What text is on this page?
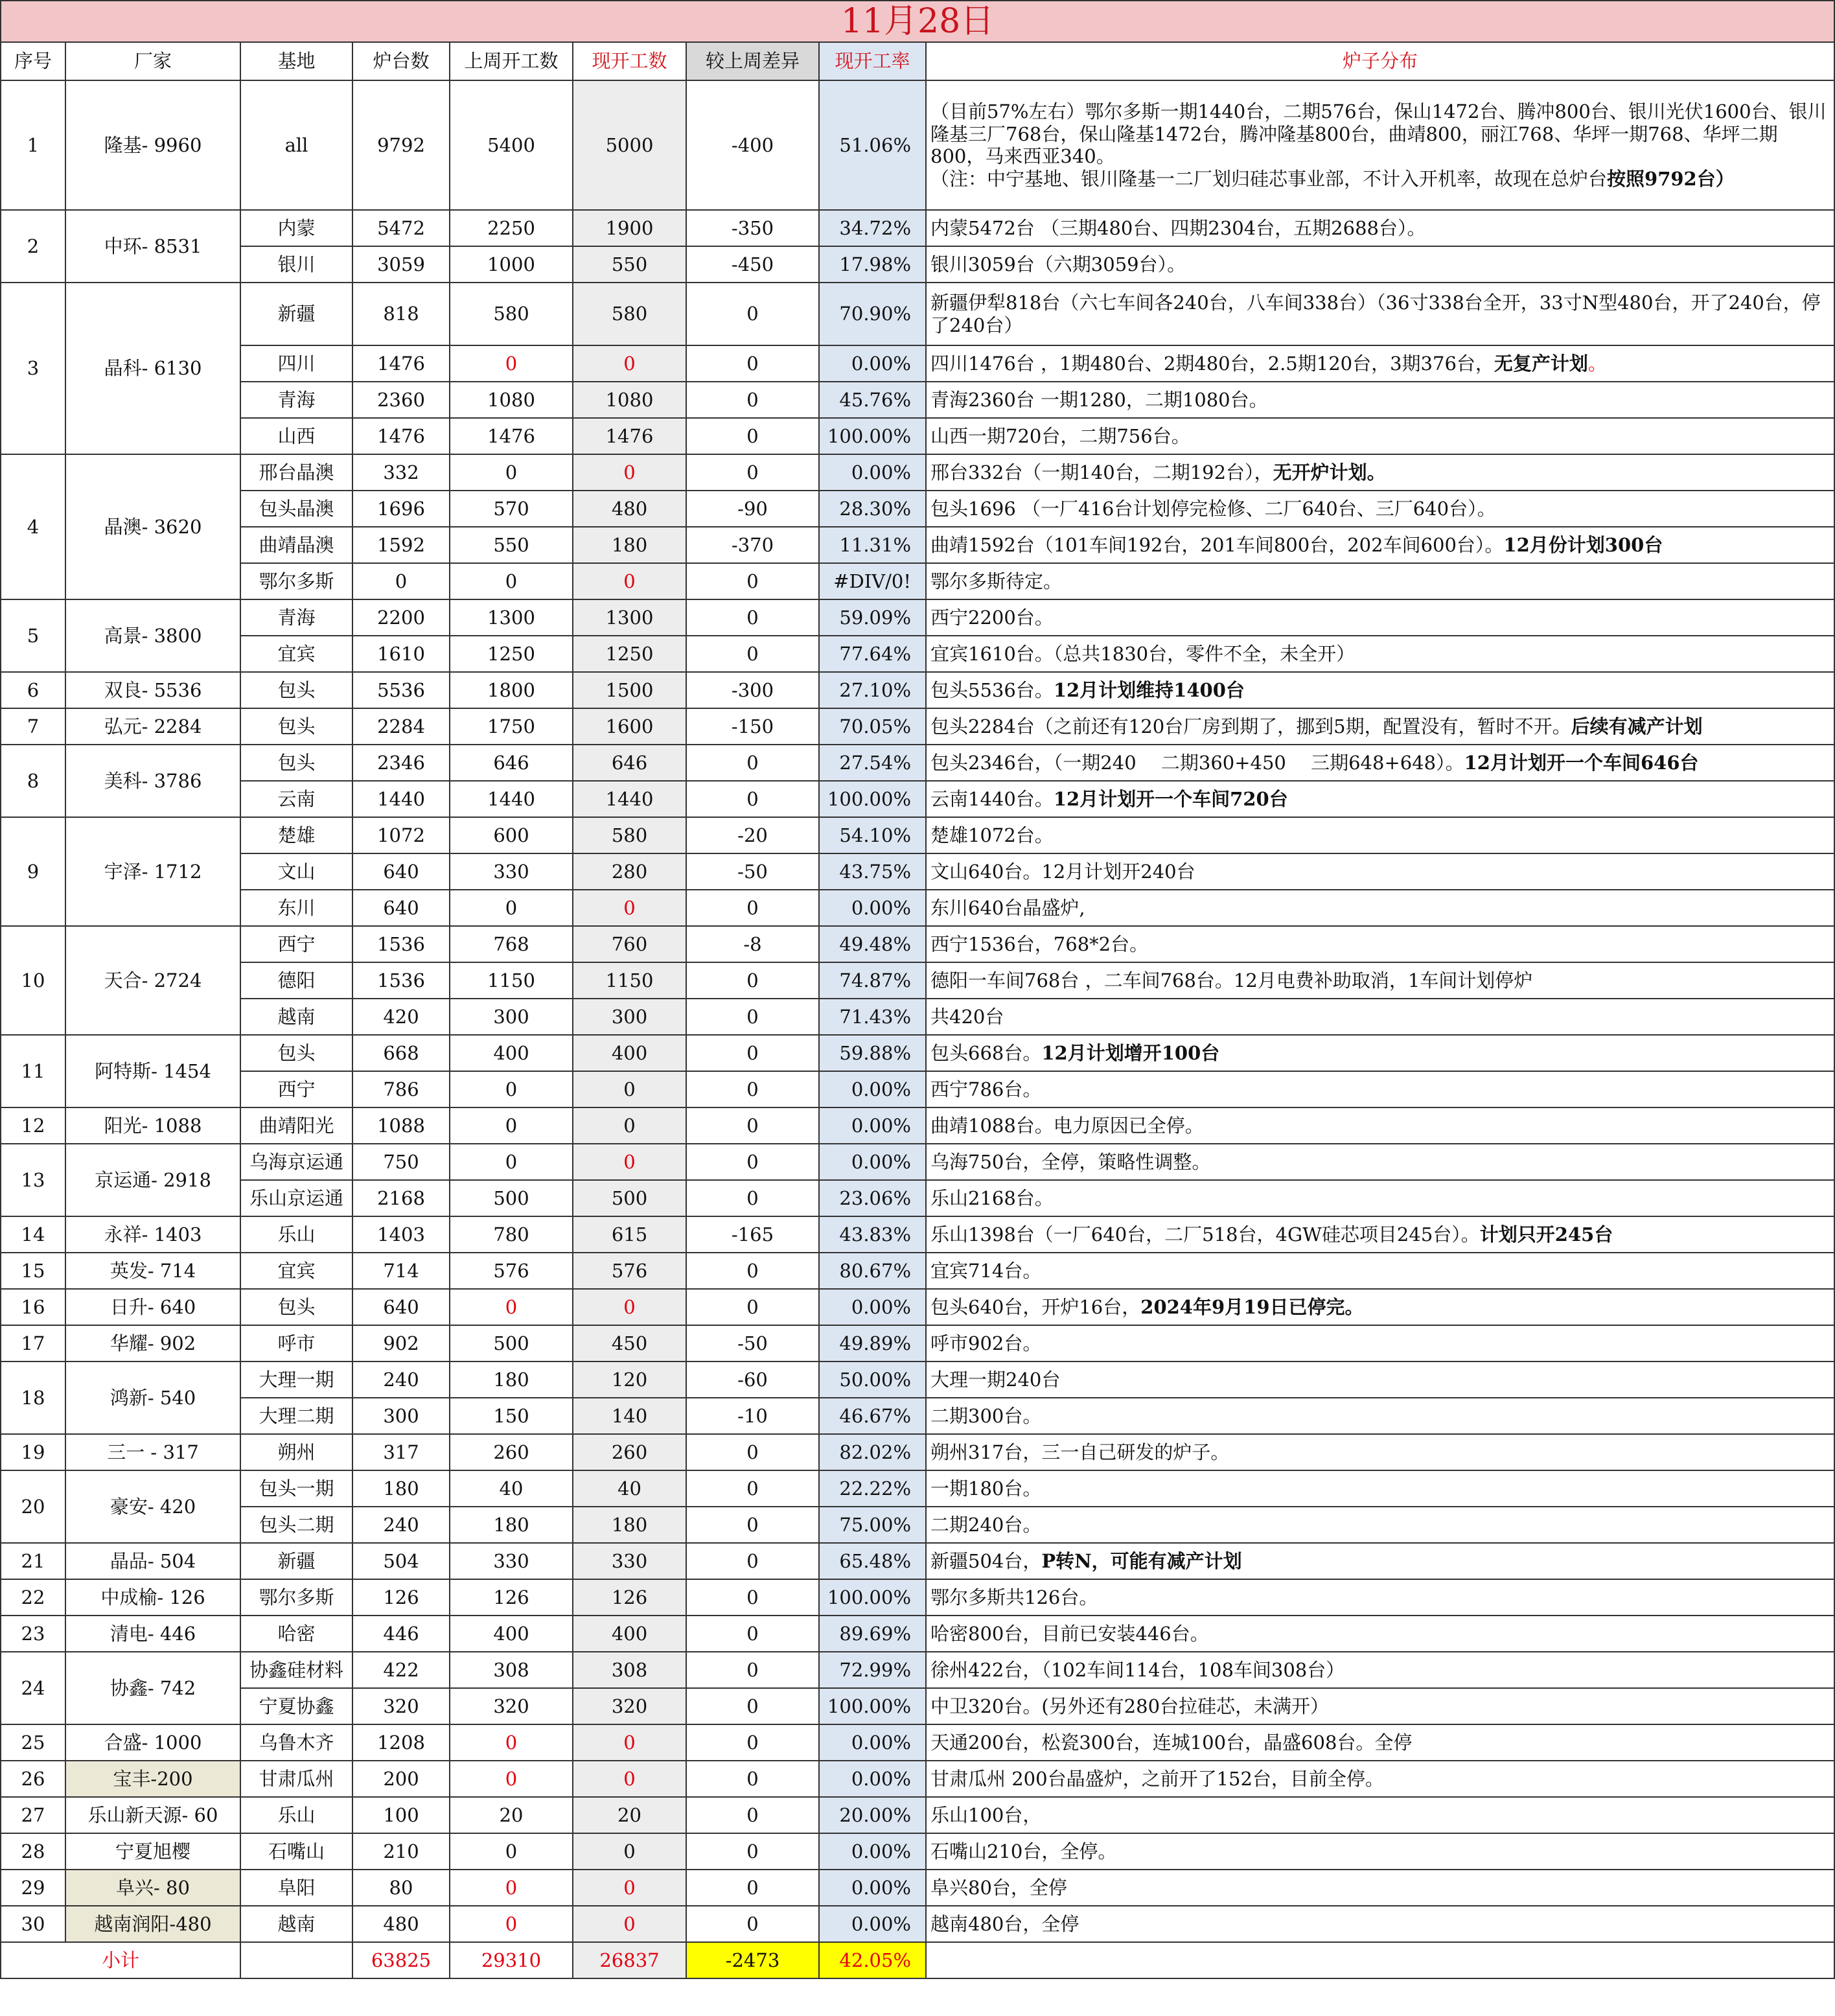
11月28日								
序号	厂家	基地	炉台数	上周开工数	现开工数	较上周差异	现开工率	炉子分布
1	隆基- 9960	all	9792	5400	5000	-400	51.06%	（目前57%左右）鄂尔多斯一期1440台，二期576台，保山1472台、腾冲800台、银川光伏1600台、银川隆基三厂768台，保山隆基1472台，腾冲隆基800台，曲靖800，丽江768、华坪一期768、华坪二期800，马来西亚340。
（注：中宁基地、银川隆基一二厂划归硅芯事业部，不计入开机率，故现在总炉台按照9792台）
2	中环- 8531	内蒙	5472	2250	1900	-350	34.72%	内蒙5472台 （三期480台、四期2304台，五期2688台）。
		银川	3059	1000	550	-450	17.98%	银川3059台（六期3059台）。
3	晶科- 6130	新疆	818	580	580	0	70.90%	新疆伊犁818台（六七车间各240台，八车间338台）（36寸338台全开，33寸N型480台，开了240台，停了240台）
		四川	1476	0	0	0	0.00%	四川1476台 ，1期480台、2期480台，2.5期120台，3期376台，无复产计划。
		青海	2360	1080	1080	0	45.76%	青海2360台 一期1280，二期1080台。
		山西	1476	1476	1476	0	100.00%	山西一期720台，二期756台。
4	晶澳- 3620	邢台晶澳	332	0	0	0	0.00%	邢台332台（一期140台，二期192台），无开炉计划。
		包头晶澳	1696	570	480	-90	28.30%	包头1696 （一厂416台计划停完检修、二厂640台、三厂640台）。
		曲靖晶澳	1592	550	180	-370	11.31%	曲靖1592台（101车间192台，201车间800台，202车间600台）。12月份计划300台
		鄂尔多斯	0	0	0	0	#DIV/0!	鄂尔多斯待定。
5	高景- 3800	青海	2200	1300	1300	0	59.09%	西宁2200台。
		宜宾	1610	1250	1250	0	77.64%	宜宾1610台。（总共1830台，零件不全，未全开）
6	双良- 5536	包头	5536	1800	1500	-300	27.10%	包头5536台。12月计划维持1400台
7	弘元- 2284	包头	2284	1750	1600	-150	70.05%	包头2284台（之前还有120台厂房到期了，挪到5期，配置没有，暂时不开。后续有减产计划
8	美科- 3786	包头	2346	646	646	0	27.54%	包头2346台，（一期240　 二期360+450　 三期648+648）。12月计划开一个车间646台
		云南	1440	1440	1440	0	100.00%	云南1440台。12月计划开一个车间720台
9	宇泽- 1712	楚雄	1072	600	580	-20	54.10%	楚雄1072台。
		文山	640	330	280	-50	43.75%	文山640台。12月计划开240台
		东川	640	0	0	0	0.00%	东川640台晶盛炉,
10	天合- 2724	西宁	1536	768	760	-8	49.48%	西宁1536台，768*2台。
		德阳	1536	1150	1150	0	74.87%	德阳一车间768台 ，二车间768台。12月电费补助取消，1车间计划停炉
		越南	420	300	300	0	71.43%	共420台
11	阿特斯- 1454	包头	668	400	400	0	59.88%	包头668台。12月计划增开100台
		西宁	786	0	0	0	0.00%	西宁786台。
12	阳光- 1088	曲靖阳光	1088	0	0	0	0.00%	曲靖1088台。电力原因已全停。
13	京运通- 2918	乌海京运通	750	0	0	0	0.00%	乌海750台，全停，策略性调整。
		乐山京运通	2168	500	500	0	23.06%	乐山2168台。
14	永祥- 1403	乐山	1403	780	615	-165	43.83%	乐山1398台（一厂640台，二厂518台，4GW硅芯项目245台）。计划只开245台
15	英发- 714	宜宾	714	576	576	0	80.67%	宜宾714台。
16	日升- 640	包头	640	0	0	0	0.00%	包头640台，开炉16台，2024年9月19日已停完。
17	华耀- 902	呼市	902	500	450	-50	49.89%	呼市902台。
18	鸿新- 540	大理一期	240	180	120	-60	50.00%	大理一期240台
		大理二期	300	150	140	-10	46.67%	二期300台。
19	三一 - 317	朔州	317	260	260	0	82.02%	朔州317台，三一自己研发的炉子。
20	豪安- 420	包头一期	180	40	40	0	22.22%	一期180台。
		包头二期	240	180	180	0	75.00%	二期240台。
21	晶品- 504	新疆	504	330	330	0	65.48%	新疆504台，P转N，可能有减产计划
22	中成榆- 126	鄂尔多斯	126	126	126	0	100.00%	鄂尔多斯共126台。
23	清电- 446	哈密	446	400	400	0	89.69%	哈密800台，目前已安装446台。
24	协鑫- 742	协鑫硅材料	422	308	308	0	72.99%	徐州422台，（102车间114台，108车间308台）
		宁夏协鑫	320	320	320	0	100.00%	中卫320台。(另外还有280台拉硅芯，未满开）
25	合盛- 1000	乌鲁木齐	1208	0	0	0	0.00%	天通200台，松瓷300台，连城100台，晶盛608台。全停
26	宝丰-200	甘肃瓜州	200	0	0	0	0.00%	甘肃瓜州 200台晶盛炉，之前开了152台，目前全停。
27	乐山新天源- 60	乐山	100	20	20	0	20.00%	乐山100台，
28	宁夏旭樱	石嘴山	210	0	0	0	0.00%	石嘴山210台，全停。
29	阜兴- 80	阜阳	80	0	0	0	0.00%	阜兴80台，全停
30	越南润阳-480	越南	480	0	0	0	0.00%	越南480台，全停
小计			63825	29310	26837	-2473	42.05%	
